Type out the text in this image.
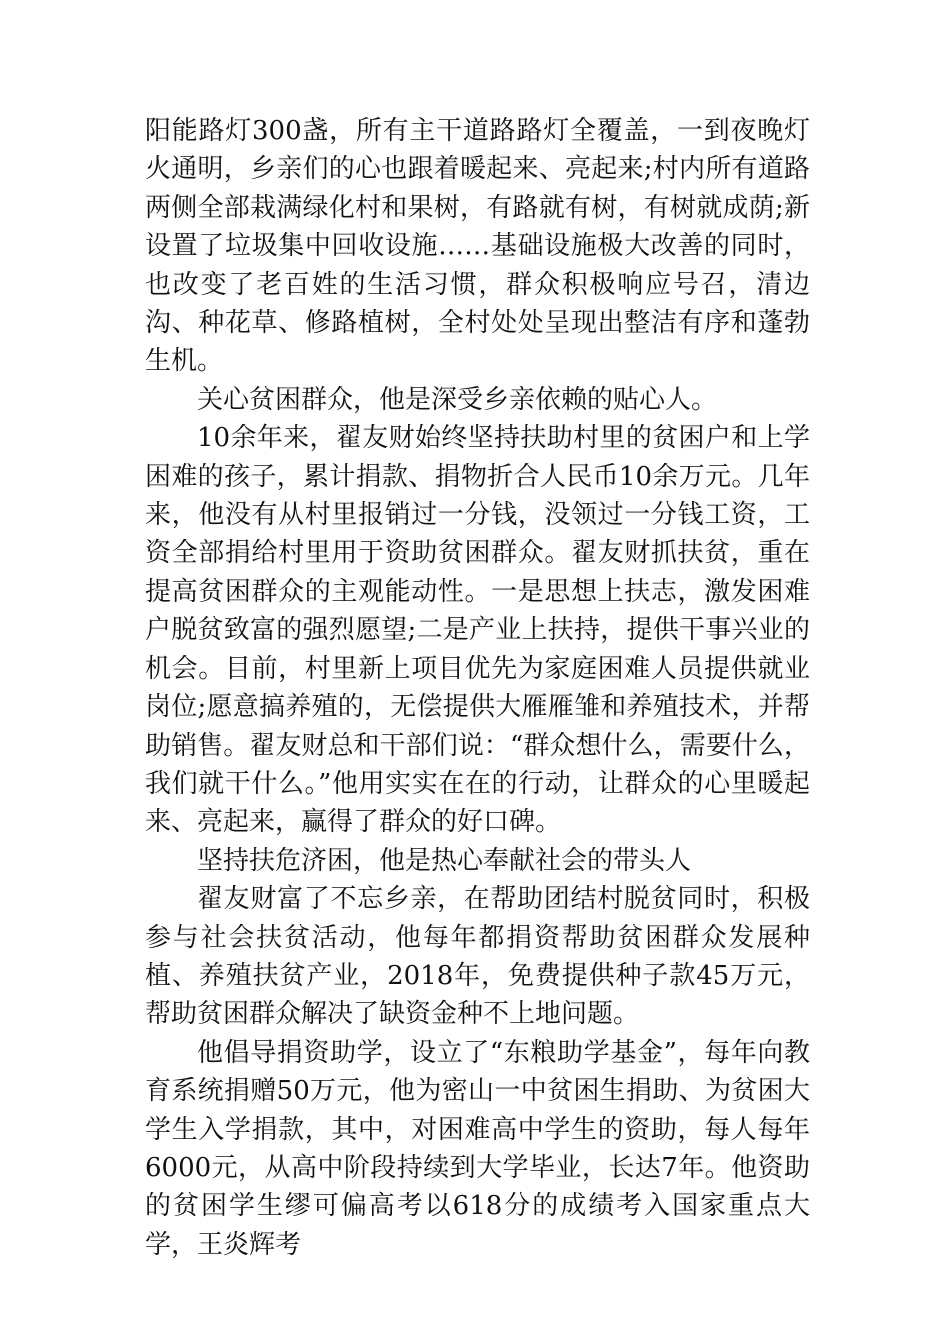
阳能路灯300盏，所有主干道路路灯全覆盖，一到夜晚灯火通明，乡亲们的心也跟着暖起来、亮起来;村内所有道路两侧全部栽满绿化村和果树，有路就有树，有树就成荫;新设置了垃圾集中回收设施……基础设施极大改善的同时，也改变了老百姓的生活习惯，群众积极响应号召，清边沟、种花草、修路植树，全村处处呈现出整洁有序和蓬勃生机。

关心贫困群众，他是深受乡亲依赖的贴心人。

10余年来，翟友财始终坚持扶助村里的贫困户和上学困难的孩子，累计捐款、捐物折合人民币10余万元。几年来，他没有从村里报销过一分钱，没领过一分钱工资，工资全部捐给村里用于资助贫困群众。翟友财抓扶贫，重在提高贫困群众的主观能动性。一是思想上扶志，激发困难户脱贫致富的强烈愿望;二是产业上扶持，提供干事兴业的机会。目前，村里新上项目优先为家庭困难人员提供就业岗位;愿意搞养殖的，无偿提供大雁雁雏和养殖技术，并帮助销售。翟友财总和干部们说：“群众想什么，需要什么，我们就干什么。”他用实实在在的行动，让群众的心里暖起来、亮起来，赢得了群众的好口碑。

坚持扶危济困，他是热心奉献社会的带头人

翟友财富了不忘乡亲，在帮助团结村脱贫同时，积极参与社会扶贫活动，他每年都捐资帮助贫困群众发展种植、养殖扶贫产业，2018年，免费提供种子款45万元，帮助贫困群众解决了缺资金种不上地问题。

他倡导捐资助学，设立了“东粮助学基金”，每年向教育系统捐赠50万元，他为密山一中贫困生捐助、为贫困大学生入学捐款，其中，对困难高中学生的资助，每人每年6000元，从高中阶段持续到大学毕业，长达7年。他资助的贫困学生缪可偏高考以618分的成绩考入国家重点大学，王炎辉考
